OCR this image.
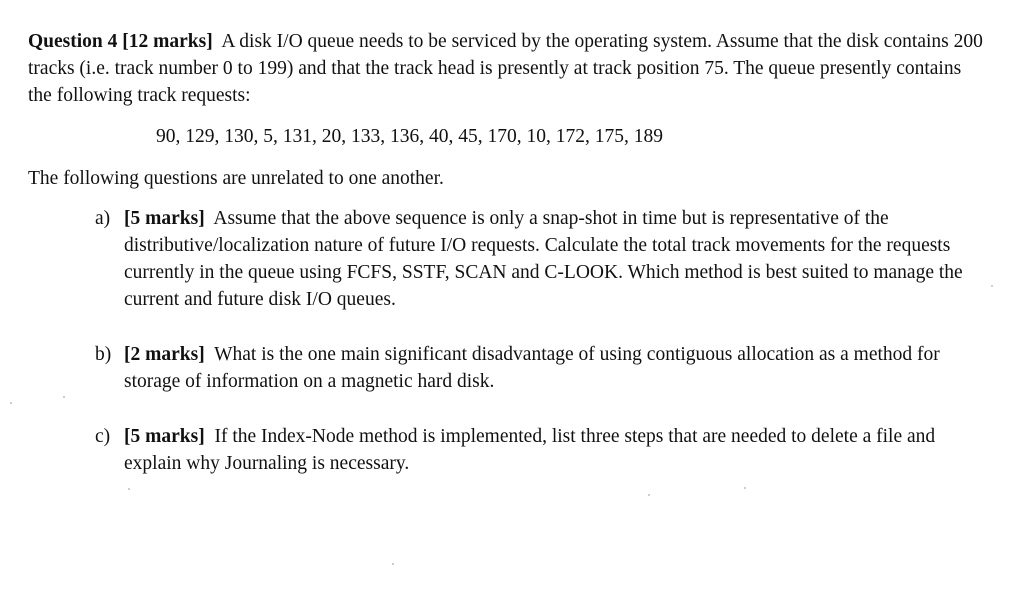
Question 4 [12 marks] A disk I/O queue needs to be serviced by the operating system. Assume that the disk contains 200 tracks (i.e. track number 0 to 199) and that the track head is presently at track position 75. The queue presently contains the following track requests:

90, 129, 130, 5, 131, 20, 133, 136, 40, 45, 170, 10, 172, 175, 189

The following questions are unrelated to one another.

a) [5 marks] Assume that the above sequence is only a snap-shot in time but is representative of the distributive/localization nature of future I/O requests. Calculate the total track movements for the requests currently in the queue using FCFS, SSTF, SCAN and C-LOOK. Which method is best suited to manage the current and future disk I/O queues.
b) [2 marks] What is the one main significant disadvantage of using contiguous allocation as a method for storage of information on a magnetic hard disk.
c) [5 marks] If the Index-Node method is implemented, list three steps that are needed to delete a file and explain why Journaling is necessary.
